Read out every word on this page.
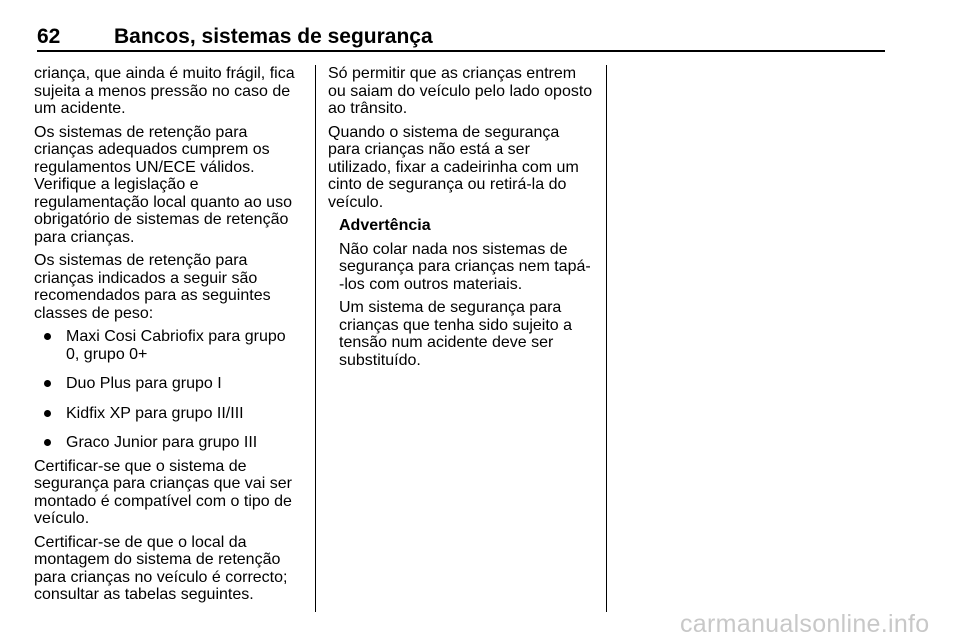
62	Bancos, sistemas de segurança

criança, que ainda é muito frágil, fica sujeita a menos pressão no caso de um acidente.

Os sistemas de retenção para crianças adequados cumprem os regulamentos UN/ECE válidos. Verifique a legislação e regulamentação local quanto ao uso obrigatório de sistemas de retenção para crianças.

Os sistemas de retenção para crianças indicados a seguir são recomendados para as seguintes classes de peso:

Maxi Cosi Cabriofix para grupo 0, grupo 0+
Duo Plus para grupo I
Kidfix XP para grupo II/III
Graco Junior para grupo III

Certificar-se que o sistema de segurança para crianças que vai ser montado é compatível com o tipo de veículo.

Certificar-se de que o local da montagem do sistema de retenção para crianças no veículo é correcto; consultar as tabelas seguintes.

Só permitir que as crianças entrem ou saiam do veículo pelo lado oposto ao trânsito.

Quando o sistema de segurança para crianças não está a ser utilizado, fixar a cadeirinha com um cinto de segurança ou retirá-la do veículo.

Advertência

Não colar nada nos sistemas de segurança para crianças nem tapá--los com outros materiais.

Um sistema de segurança para crianças que tenha sido sujeito a tensão num acidente deve ser substituído.

carmanualsonline.info
